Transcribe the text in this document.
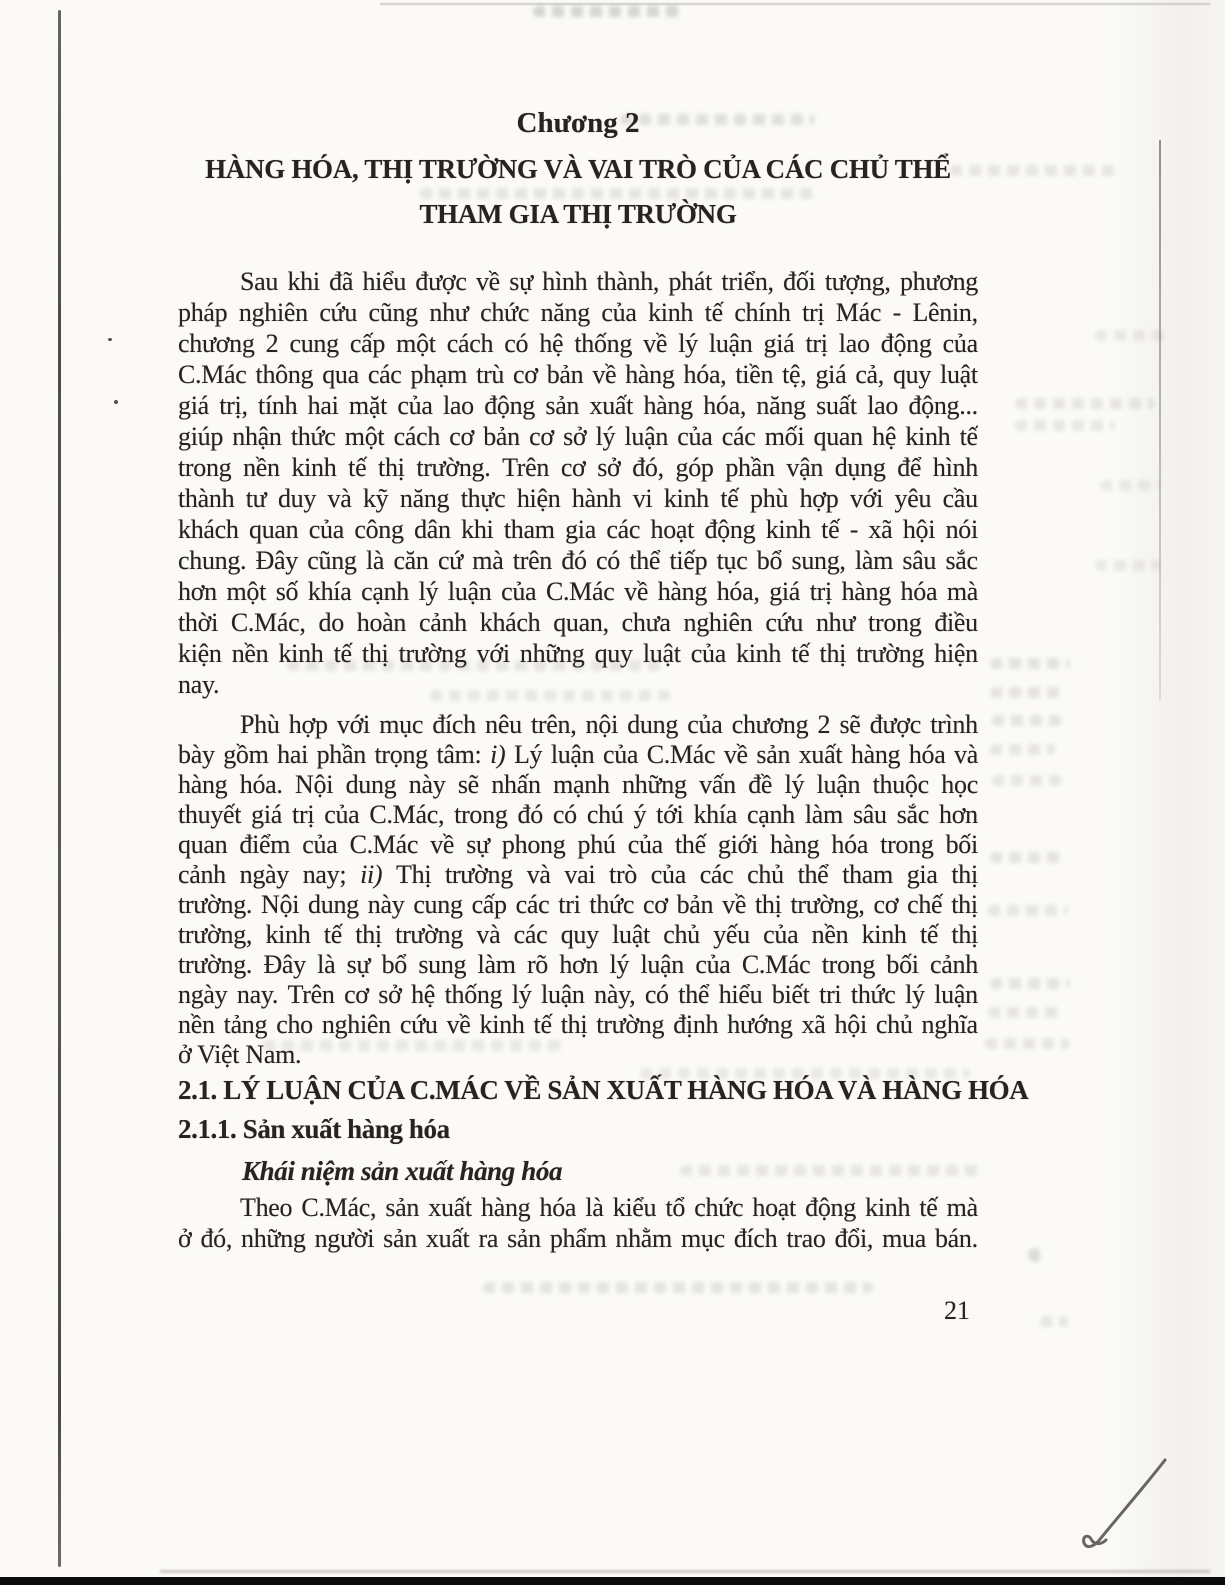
Chương 2
HÀNG HÓA, THỊ TRƯỜNG VÀ VAI TRÒ CỦA CÁC CHỦ THỂ
THAM GIA THỊ TRƯỜNG
Sau khi đã hiểu được về sự hình thành, phát triển, đối tượng, phương
pháp nghiên cứu cũng như chức năng của kinh tế chính trị Mác - Lênin,
chương 2 cung cấp một cách có hệ thống về lý luận giá trị lao động của
C.Mác thông qua các phạm trù cơ bản về hàng hóa, tiền tệ, giá cả, quy luật
giá trị, tính hai mặt của lao động sản xuất hàng hóa, năng suất lao động...
giúp nhận thức một cách cơ bản cơ sở lý luận của các mối quan hệ kinh tế
trong nền kinh tế thị trường. Trên cơ sở đó, góp phần vận dụng để hình
thành tư duy và kỹ năng thực hiện hành vi kinh tế phù hợp với yêu cầu
khách quan của công dân khi tham gia các hoạt động kinh tế - xã hội nói
chung. Đây cũng là căn cứ mà trên đó có thể tiếp tục bổ sung, làm sâu sắc
hơn một số khía cạnh lý luận của C.Mác về hàng hóa, giá trị hàng hóa mà
thời C.Mác, do hoàn cảnh khách quan, chưa nghiên cứu như trong điều
kiện nền kinh tế thị trường với những quy luật của kinh tế thị trường hiện
nay.
Phù hợp với mục đích nêu trên, nội dung của chương 2 sẽ được trình
bày gồm hai phần trọng tâm: i) Lý luận của C.Mác về sản xuất hàng hóa và
hàng hóa. Nội dung này sẽ nhấn mạnh những vấn đề lý luận thuộc học
thuyết giá trị của C.Mác, trong đó có chú ý tới khía cạnh làm sâu sắc hơn
quan điểm của C.Mác về sự phong phú của thế giới hàng hóa trong bối
cảnh ngày nay; ii) Thị trường và vai trò của các chủ thể tham gia thị
trường. Nội dung này cung cấp các tri thức cơ bản về thị trường, cơ chế thị
trường, kinh tế thị trường và các quy luật chủ yếu của nền kinh tế thị
trường. Đây là sự bổ sung làm rõ hơn lý luận của C.Mác trong bối cảnh
ngày nay. Trên cơ sở hệ thống lý luận này, có thể hiểu biết tri thức lý luận
nền tảng cho nghiên cứu về kinh tế thị trường định hướng xã hội chủ nghĩa
ở Việt Nam.
2.1. LÝ LUẬN CỦA C.MÁC VỀ SẢN XUẤT HÀNG HÓA VÀ HÀNG HÓA
2.1.1. Sản xuất hàng hóa
Khái niệm sản xuất hàng hóa
Theo C.Mác, sản xuất hàng hóa là kiểu tổ chức hoạt động kinh tế mà
ở đó, những người sản xuất ra sản phẩm nhằm mục đích trao đổi, mua bán.
21
